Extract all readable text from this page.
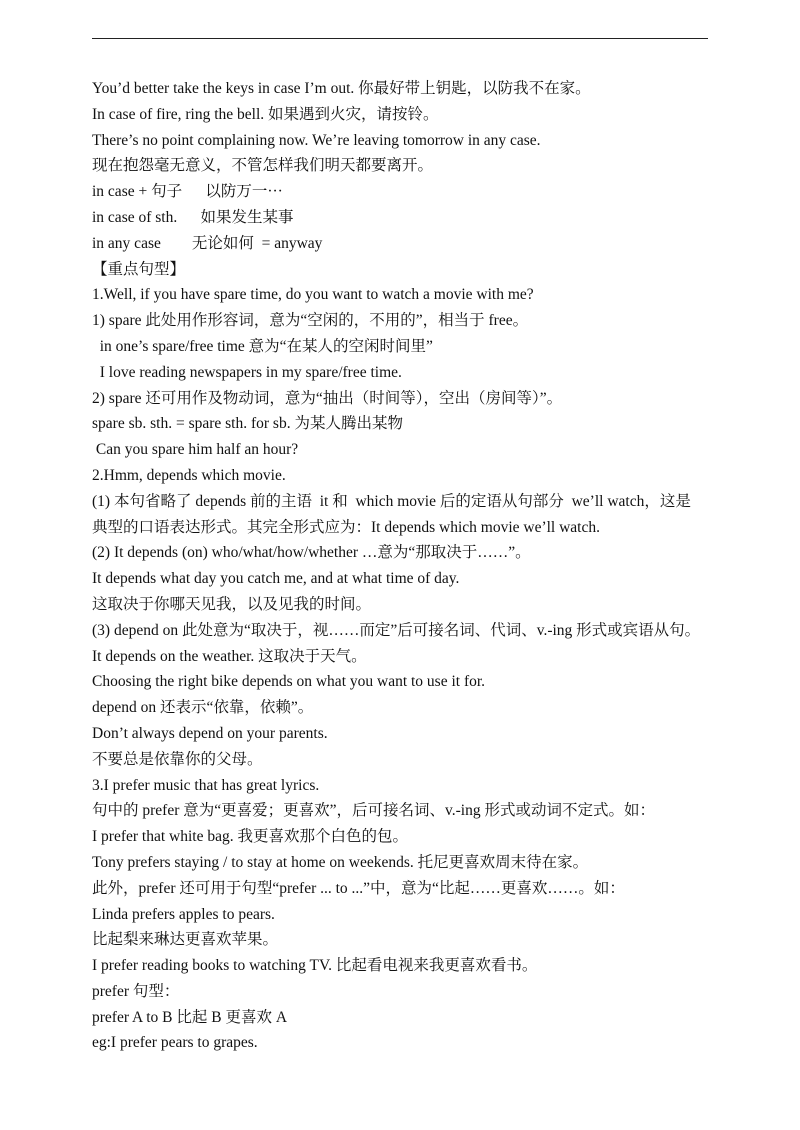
You’d better take the keys in case I’m out. 你最好带上钥匙，以防我不在家。
In case of fire, ring the bell. 如果遇到火灾，请按铃。
There’s no point complaining now. We’re leaving tomorrow in any case.
现在抱怨毫无意义，不管怎样我们明天都要离开。
in case + 句子      以防万一···
in case of sth.      如果发生某事
in any case        无论如何  = anyway
【重点句型】
1.Well, if you have spare time, do you want to watch a movie with me?
1) spare 此处用作形容词，意为“空闲的，不用的”，相当于 free。
in one’s spare/free time 意为“在某人的空闲时间里”
I love reading newspapers in my spare/free time.
2) spare 还可用作及物动词，意为“抽出（时间等），空出（房间等）”。
spare sb. sth. = spare sth. for sb. 为某人腾出某物
Can you spare him half an hour?
2.Hmm, depends which movie.
(1) 本句省略了 depends 前的主语  it 和  which movie 后的定语从句部分  we’ll watch，这是
典型的口语表达形式。其完全形式应为：It depends which movie we’ll watch.
(2) It depends (on) who/what/how/whether …意为“那取决于……”。
It depends what day you catch me, and at what time of day.
这取决于你哪天见我，以及见我的时间。
(3) depend on 此处意为“取决于，视……而定”后可接名词、代词、v.-ing 形式或宾语从句。
It depends on the weather. 这取决于天气。
Choosing the right bike depends on what you want to use it for.
depend on 还表示“依靠，依赖”。
Don’t always depend on your parents.
不要总是依靠你的父母。
3.I prefer music that has great lyrics.
句中的 prefer 意为“更喜爱；更喜欢”，后可接名词、v.-ing 形式或动词不定式。如：
I prefer that white bag. 我更喜欢那个白色的包。
Tony prefers staying / to stay at home on weekends. 托尼更喜欢周末待在家。
此外，prefer 还可用于句型“prefer ... to ...”中，意为“比起……更喜欢……。如：
Linda prefers apples to pears.
比起梨来琳达更喜欢苹果。
I prefer reading books to watching TV. 比起看电视来我更喜欢看书。
prefer 句型：
prefer A to B 比起 B 更喜欢 A
eg:I prefer pears to grapes.
